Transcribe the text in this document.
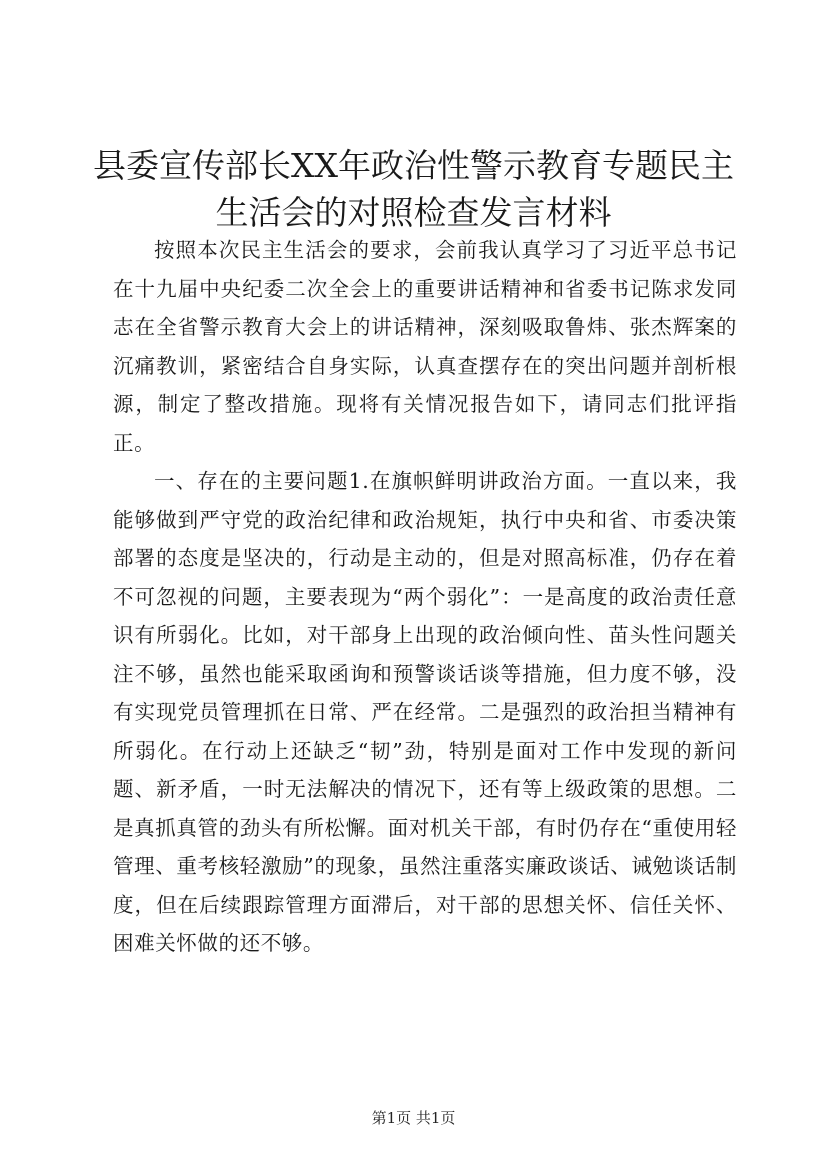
县委宣传部长XX年政治性警示教育专题民主生活会的对照检查发言材料

按照本次民主生活会的要求，会前我认真学习了习近平总书记在十九届中央纪委二次全会上的重要讲话精神和省委书记陈求发同志在全省警示教育大会上的讲话精神，深刻吸取鲁炜、张杰辉案的沉痛教训，紧密结合自身实际，认真查摆存在的突出问题并剖析根源，制定了整改措施。现将有关情况报告如下，请同志们批评指正。

一、存在的主要问题1.在旗帜鲜明讲政治方面。一直以来，我能够做到严守党的政治纪律和政治规矩，执行中央和省、市委决策部署的态度是坚决的，行动是主动的，但是对照高标准，仍存在着不可忽视的问题，主要表现为“两个弱化”：一是高度的政治责任意识有所弱化。比如，对干部身上出现的政治倾向性、苗头性问题关注不够，虽然也能采取函询和预警谈话谈等措施，但力度不够，没有实现党员管理抓在日常、严在经常。二是强烈的政治担当精神有所弱化。在行动上还缺乏“韧”劲，特别是面对工作中发现的新问题、新矛盾，一时无法解决的情况下，还有等上级政策的思想。二是真抓真管的劲头有所松懈。面对机关干部，有时仍存在“重使用轻管理、重考核轻激励”的现象，虽然注重落实廉政谈话、诫勉谈话制度，但在后续跟踪管理方面滞后，对干部的思想关怀、信任关怀、困难关怀做的还不够。

第1页 共1页
